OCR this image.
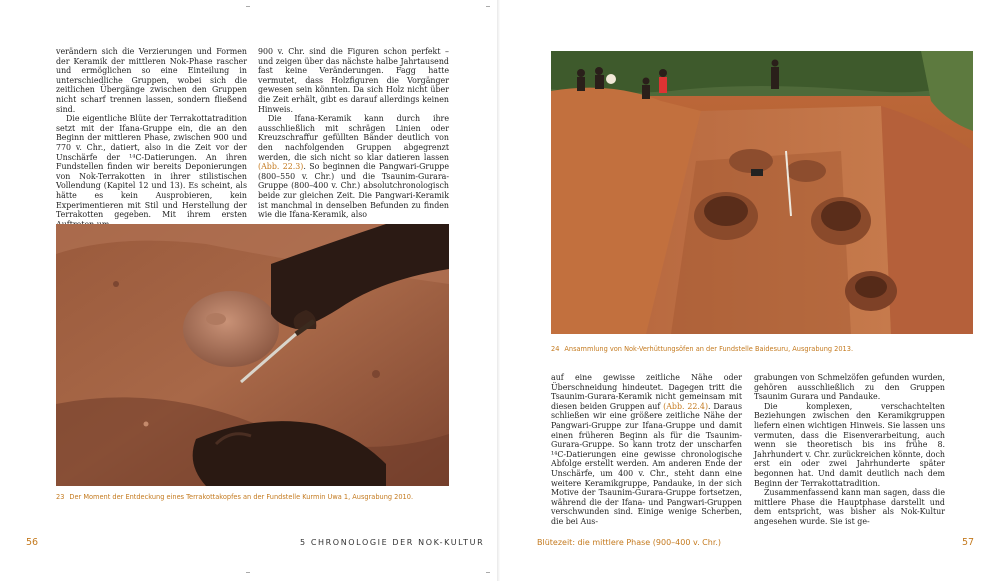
verändern sich die Verzierungen und Formen der Keramik der mittleren Nok-Phase rascher und ermöglichen so eine Einteilung in unterschiedliche Gruppen, wobei sich die zeitlichen Übergänge zwischen den Gruppen nicht scharf trennen lassen, sondern fließend sind.

Die eigentliche Blüte der Terrakottatradition setzt mit der Ifana-Gruppe ein, die an den Beginn der mittleren Phase, zwischen 900 und 770 v. Chr., datiert, also in die Zeit vor der Unschärfe der ¹⁴C-Datierungen. An ihren Fundstellen finden wir bereits Deponierungen von Nok-Terrakotten in ihrer stilistischen Vollendung (Kapitel 12 und 13). Es scheint, als hätte es kein Ausprobieren, kein Experimentieren mit Stil und Herstellung der Terrakotten gegeben. Mit ihrem ersten

900 v. Chr. sind die Figuren schon perfekt – und zeigen über das nächste halbe Jahrtausend fast keine Veränderungen. Fagg hatte vermutet, dass Holzfiguren die Vorgänger gewesen sein könnten. Da sich Holz nicht über die Zeit erhält, gibt es darauf allerdings keinen Hinweis.

Die Ifana-Keramik kann durch ihre ausschließlich mit schrägen Linien oder Kreuzschraffur gefüllten Bänder deutlich von den nachfolgenden Gruppen abgegrenzt werden, die sich nicht so klar datieren lassen (Abb. 22.3). So beginnen die Pangwari-Gruppe (800–550 v. Chr.) und die Tsaunim-Gurara-Gruppe (800–400 v. Chr.) absolutchronologisch beide zur gleichen Zeit. Die Pangwari-Keramik ist manchmal in denselben Befunden zu finden wie die Ifana-Keramik, also

23 Der Moment der Entdeckung eines Terrakottakopfes an der Fundstelle Kurmin Uwa 1, Ausgrabung 2010.
56	5 CHRONOLOGIE DER NOK-KULTUR
24 Ansammlung von Nok-Verhüttungsöfen an der Fundstelle Baidesuru, Ausgrabung 2013.

auf eine gewisse zeitliche Nähe oder Überschneidung hindeutet. Dagegen tritt die Tsaunim-Gurara-Keramik nicht gemeinsam mit diesen beiden Gruppen auf (Abb. 22.4). Daraus schließen wir eine größere zeitliche Nähe der Pangwari-Gruppe zur Ifana-Gruppe und damit einen früheren Beginn als für die Tsaunim-Gurara-Gruppe. So kann trotz der unscharfen ¹⁴C-Datierungen eine gewisse chronologische Abfolge erstellt werden. Am anderen Ende der Unschärfe, um 400 v. Chr., steht dann eine weitere Keramikgruppe, Pandauke, in der sich Motive der Tsaunim-Gurara-Gruppe fortsetzen, während die der Ifana- und Pangwari-Gruppen verschwunden sind. Einige wenige Scherben, die bei Aus-

grabungen von Schmelzöfen gefunden wurden, gehören ausschließlich zu den Gruppen Tsaunim Gurara und Pandauke.

Die komplexen, verschachtelten Beziehungen zwischen den Keramikgruppen liefern einen wichtigen Hinweis. Sie lassen uns vermuten, dass die Eisenverarbeitung, auch wenn sie theoretisch bis ins frühe 8. Jahrhundert v. Chr. zurückreichen könnte, doch erst ein oder zwei Jahrhunderte später begonnen hat. Und damit deutlich nach dem Beginn der Terrakottatradition.

Zusammenfassend kann man sagen, dass die mittlere Phase die Hauptphase darstellt und dem entspricht, was bisher als Nok-Kultur angesehen wurde. Sie ist ge-

Blütezeit: die mittlere Phase (900–400 v. Chr.)	57
